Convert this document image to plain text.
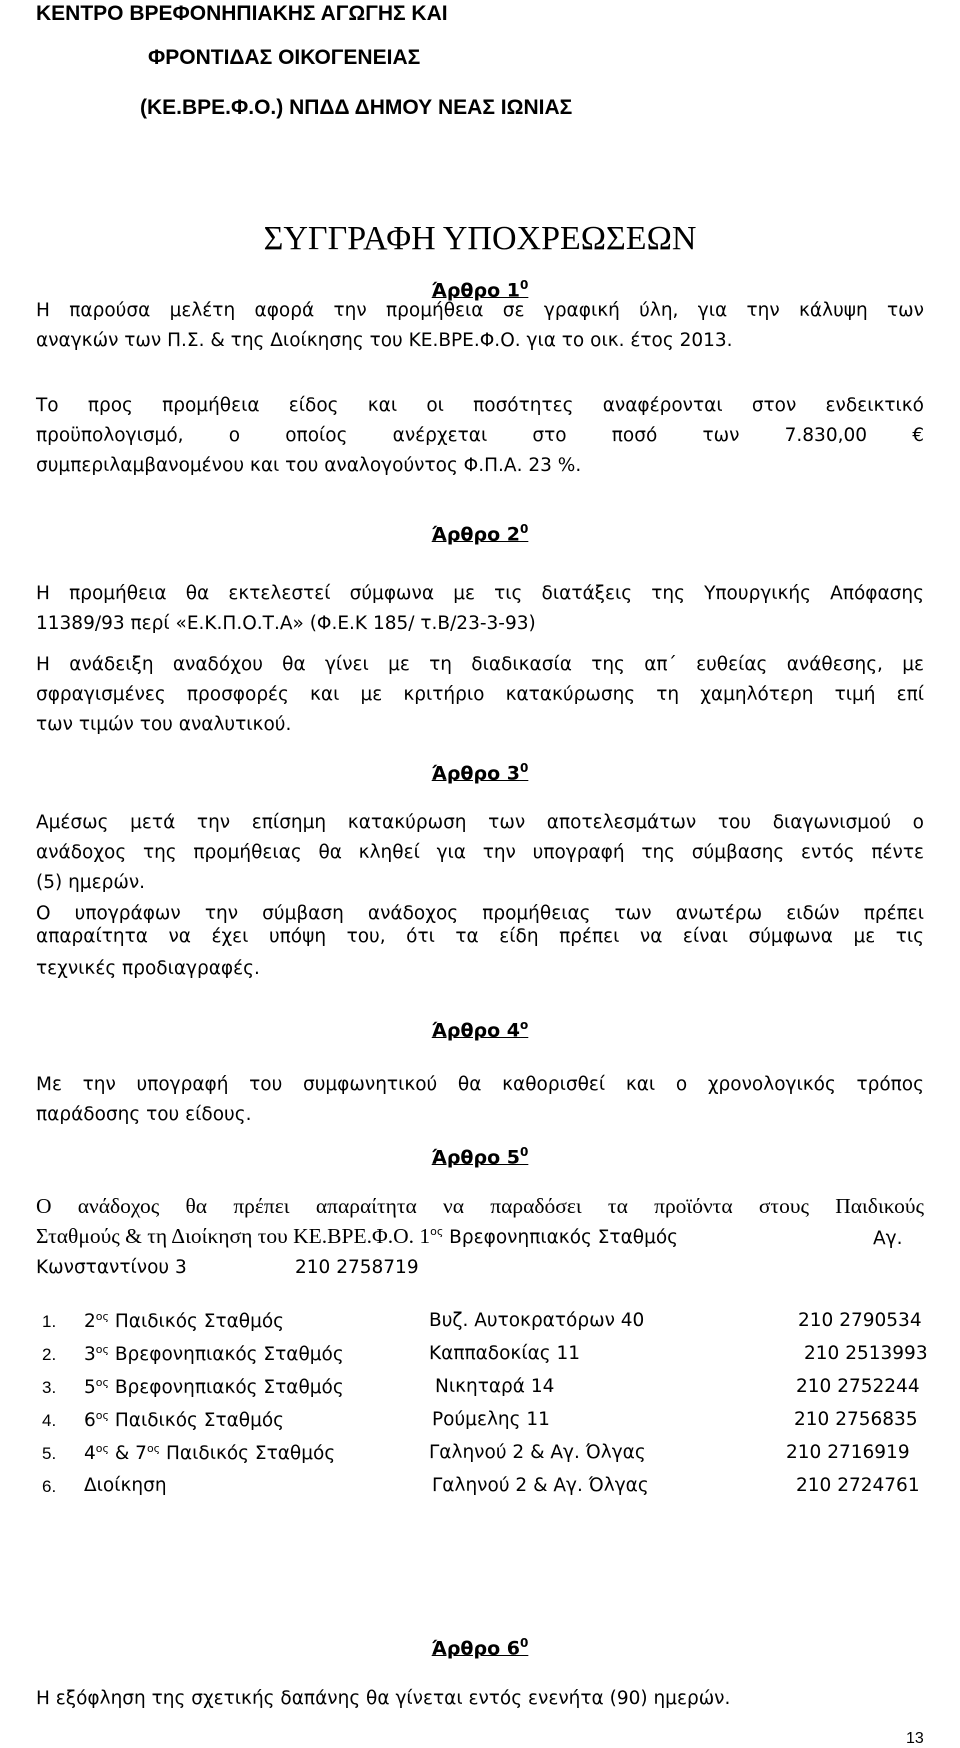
ΚΕΝΤΡΟ ΒΡΕΦΟΝΗΠΙΑΚΗΣ ΑΓΩΓΗΣ ΚΑΙ
ΦΡΟΝΤΙΔΑΣ ΟΙΚΟΓΕΝΕΙΑΣ
(ΚΕ.ΒΡΕ.Φ.Ο.) ΝΠΔΔ ΔΗΜΟΥ ΝΕΑΣ ΙΩΝΙΑΣ
ΣΥΓΓΡΑΦΗ ΥΠΟΧΡΕΩΣΕΩΝ
Άρθρο $1^0$
Η παρούσα μελέτη αφορά την προμήθεια σε γραφική ύλη, για την κάλυψη των
αναγκών των Π.Σ. & της Διοίκησης του ΚΕ.ΒΡΕ.Φ.Ο. για το οικ. έτος 2013.
Το προς προμήθεια είδος και οι ποσότητες αναφέρονται στον ενδεικτικό
προϋπολογισμό, ο οποίος ανέρχεται στο ποσό των 7.830,00 €
συμπεριλαμβανομένου και του αναλογούντος Φ.Π.Α. 23 %.
Άρθρο $2^0$
Η προμήθεια θα εκτελεστεί σύμφωνα με τις διατάξεις της Υπουργικής Απόφασης
11389/93 περί «Ε.Κ.Π.Ο.Τ.Α» (Φ.Ε.Κ 185/ τ.Β/23-3-93)
Η ανάδειξη αναδόχου θα γίνει με τη διαδικασία της απ΄ ευθείας ανάθεσης, με
σφραγισμένες προσφορές και με κριτήριο κατακύρωσης τη χαμηλότερη τιμή επί
των τιμών του αναλυτικού.
Άρθρο $3^0$
Αμέσως μετά την επίσημη κατακύρωση των αποτελεσμάτων του διαγωνισμού ο
ανάδοχος της προμήθειας θα κληθεί για την υπογραφή της σύμβασης εντός πέντε
(5) ημερών.
Ο υπογράφων την σύμβαση ανάδοχος προμήθειας των ανωτέρω ειδών πρέπει
απαραίτητα να έχει υπόψη του, ότι τα είδη πρέπει να είναι σύμφωνα με τις
τεχνικές προδιαγραφές.
Άρθρο $4^o$
Με την υπογραφή του συμφωνητικού θα καθορισθεί και ο χρονολογικός τρόπος
παράδοσης του είδους.
Άρθρο $5^0$
Ο ανάδοχος θα πρέπει απαραίτητα να παραδόσει τα προϊόντα στους Παιδικούς
Σταθμούς & τη Διοίκηση του ΚΕ.ΒΡΕ.Φ.Ο. $1^{o\varsigma}$ Βρεφονηπιακός Σταθμός	Αγ.
Κωνσταντίνου 3	210 2758719
1. $2^{o\varsigma}$ Παιδικός Σταθμός	Βυζ. Αυτοκρατόρων 40	210 2790534
2. $3^{o\varsigma}$ Βρεφονηπιακός Σταθμός	Καππαδοκίας 11	210 2513993
3. $5^{o\varsigma}$ Βρεφονηπιακός Σταθμός	Νικηταρά 14	210 2752244
4. $6^{o\varsigma}$ Παιδικός Σταθμός	Ρούμελης 11	210 2756835
5. $4^{o\varsigma}$ & $7^{o\varsigma}$ Παιδικός Σταθμός	Γαληνού 2 & Αγ. Όλγας	210 2716919
6. Διοίκηση	Γαληνού 2 & Αγ. Όλγας	210 2724761
Άρθρο $6^0$
Η εξόφληση της σχετικής δαπάνης θα γίνεται εντός ενενήτα (90) ημερών.
13
